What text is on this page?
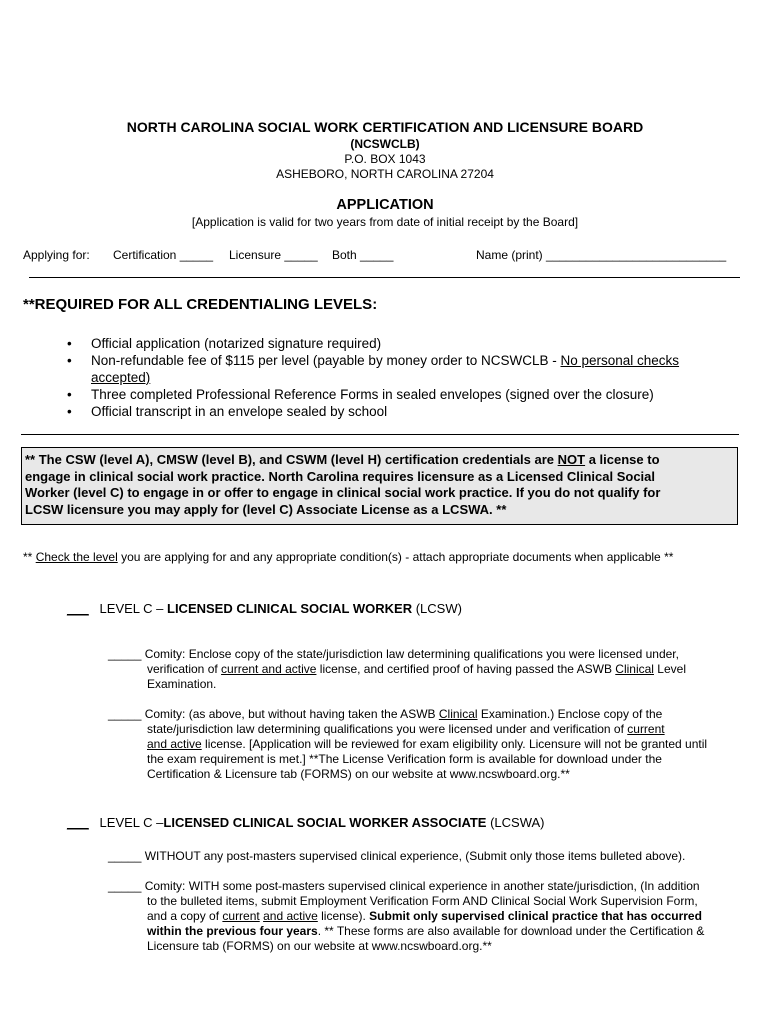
NORTH CAROLINA SOCIAL WORK CERTIFICATION AND LICENSURE BOARD
(NCSWCLB)
P.O. BOX 1043
ASHEBORO, NORTH CAROLINA 27204
APPLICATION
[Application is valid for two years from date of initial receipt by the Board]
Applying for: Certification _____ Licensure _____ Both _____	Name (print) ___________________________
**REQUIRED FOR ALL CREDENTIALING LEVELS:
• Official application (notarized signature required)
• Non-refundable fee of $115 per level (payable by money order to NCSWCLB - No personal checks
accepted)
• Three completed Professional Reference Forms in sealed envelopes (signed over the closure)
• Official transcript in an envelope sealed by school
** The CSW (level A), CMSW (level B), and CSWM (level H) certification credentials are NOT a license to
engage in clinical social work practice. North Carolina requires licensure as a Licensed Clinical Social
Worker (level C) to engage in or offer to engage in clinical social work practice. If you do not qualify for
LCSW licensure you may apply for (level C) Associate License as a LCSWA. **
** Check the level you are applying for and any appropriate condition(s) - attach appropriate documents when applicable **
___ LEVEL C – LICENSED CLINICAL SOCIAL WORKER (LCSW)
_____ Comity: Enclose copy of the state/jurisdiction law determining qualifications you were licensed under,
verification of current and active license, and certified proof of having passed the ASWB Clinical Level
Examination.
_____ Comity: (as above, but without having taken the ASWB Clinical Examination.) Enclose copy of the
state/jurisdiction law determining qualifications you were licensed under and verification of current
and active license. [Application will be reviewed for exam eligibility only. Licensure will not be granted until
the exam requirement is met.] **The License Verification form is available for download under the
Certification & Licensure tab (FORMS) on our website at www.ncswboard.org.**
___ LEVEL C –LICENSED CLINICAL SOCIAL WORKER ASSOCIATE (LCSWA)
_____ WITHOUT any post-masters supervised clinical experience, (Submit only those items bulleted above).
_____ Comity: WITH some post-masters supervised clinical experience in another state/jurisdiction, (In addition
to the bulleted items, submit Employment Verification Form AND Clinical Social Work Supervision Form,
and a copy of current and active license). Submit only supervised clinical practice that has occurred
within the previous four years. ** These forms are also available for download under the Certification &
Licensure tab (FORMS) on our website at www.ncswboard.org.**
